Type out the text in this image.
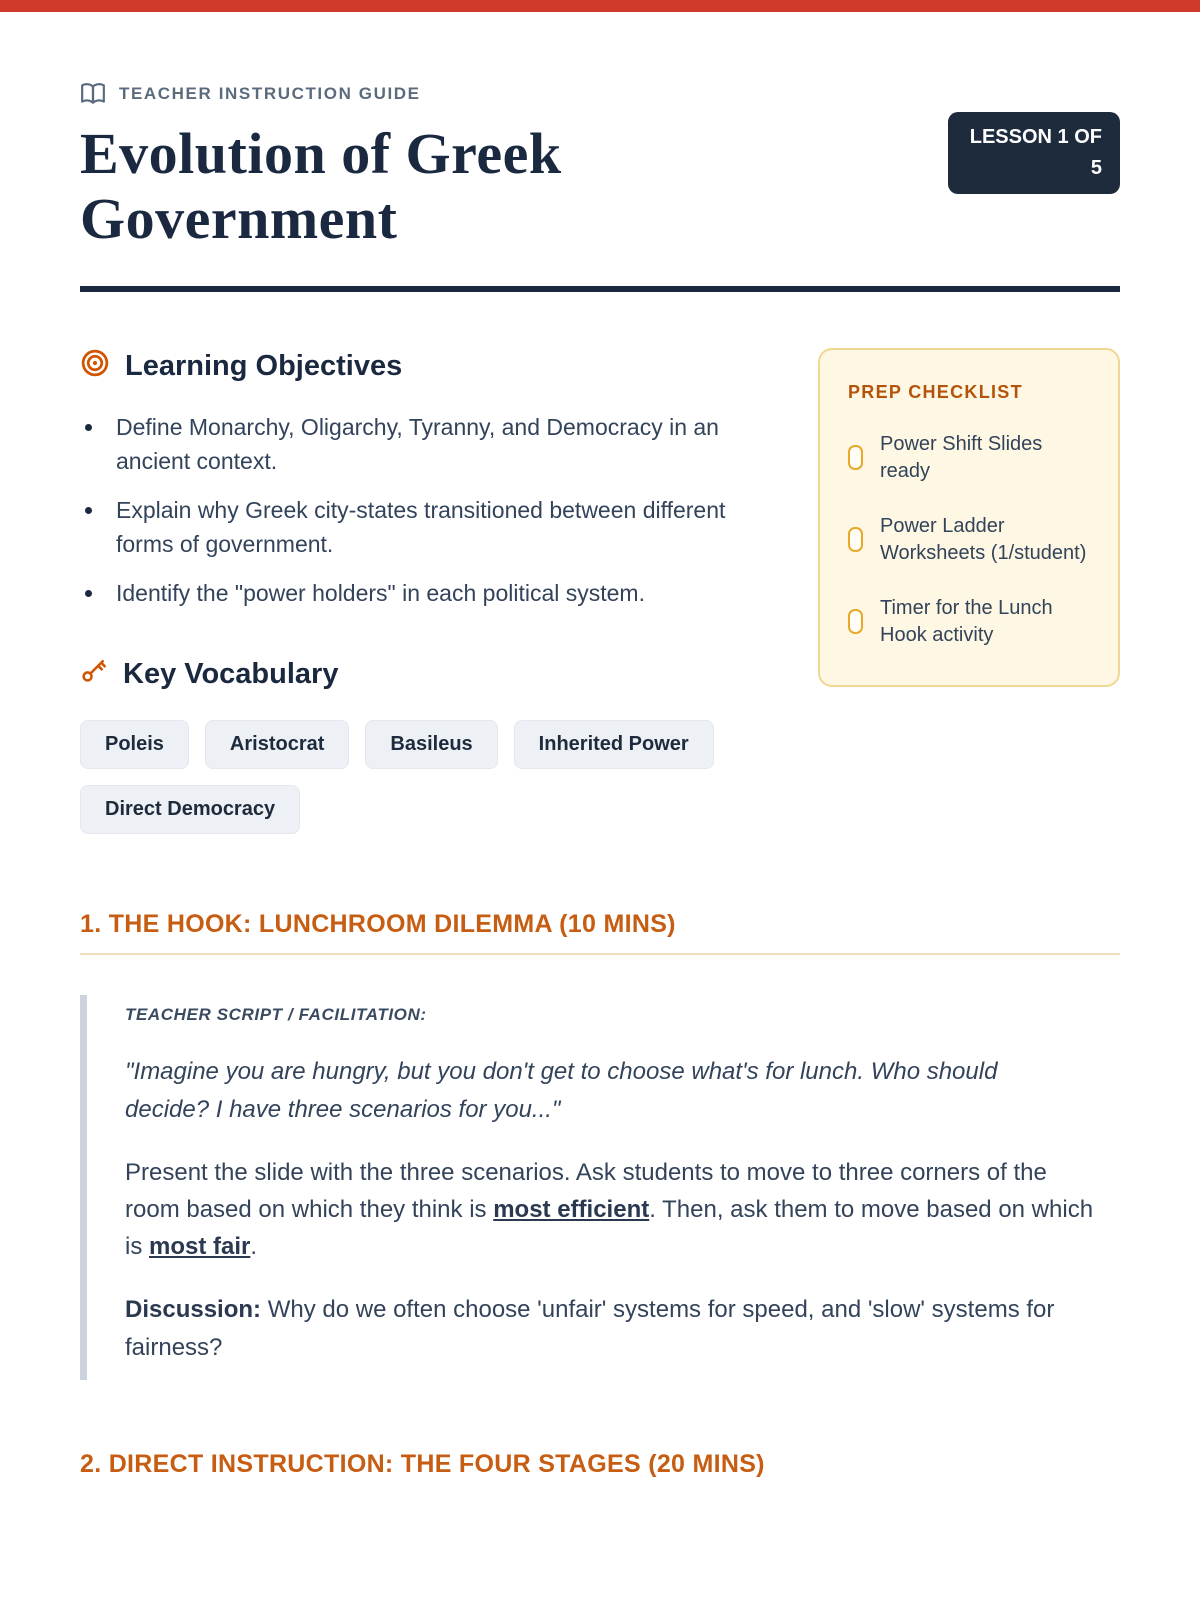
TEACHER INSTRUCTION GUIDE
Evolution of Greek Government
LESSON 1 OF 5
Learning Objectives
• Define Monarchy, Oligarchy, Tyranny, and Democracy in an ancient context.
• Explain why Greek city-states transitioned between different forms of government.
• Identify the "power holders" in each political system.
Key Vocabulary
Poleis	Aristocrat	Basileus	Inherited Power
Direct Democracy
PREP CHECKLIST
Power Shift Slides ready
Power Ladder Worksheets (1/student)
Timer for the Lunch Hook activity
1. THE HOOK: LUNCHROOM DILEMMA (10 MINS)

TEACHER SCRIPT / FACILITATION:

"Imagine you are hungry, but you don't get to choose what's for lunch. Who should decide? I have three scenarios for you..."

Present the slide with the three scenarios. Ask students to move to three corners of the room based on which they think is most efficient. Then, ask them to move based on which is most fair.

Discussion: Why do we often choose 'unfair' systems for speed, and 'slow' systems for fairness?

2. DIRECT INSTRUCTION: THE FOUR STAGES (20 MINS)
